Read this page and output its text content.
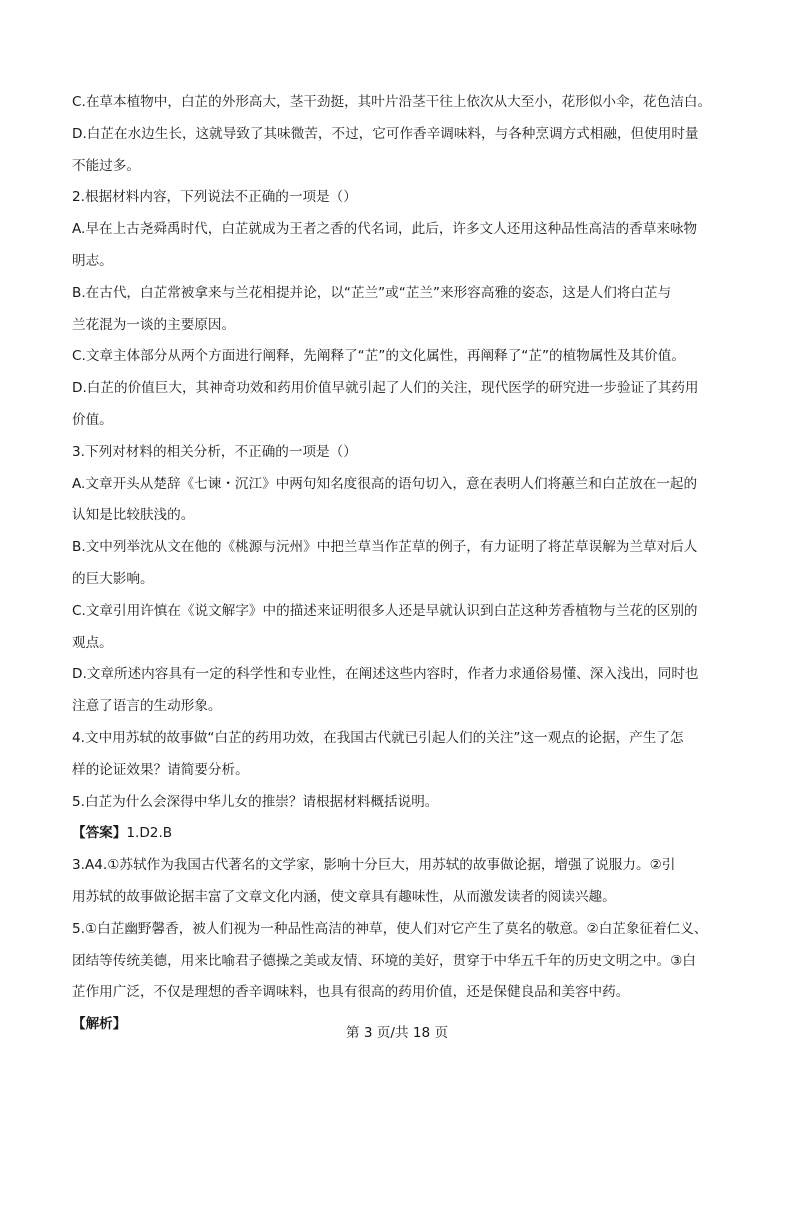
C.在草本植物中，白芷的外形高大，茎干劲挺，其叶片沿茎干往上依次从大至小，花形似小伞，花色洁白。

D.白芷在水边生长，这就导致了其味微苦，不过，它可作香辛调味料，与各种烹调方式相融，但使用时量

不能过多。

2.根据材料内容，下列说法不正确的一项是（）

A.早在上古尧舜禹时代，白芷就成为王者之香的代名词，此后，许多文人还用这种品性高洁的香草来咏物

明志。

B.在古代，白芷常被拿来与兰花相提并论，以“芷兰”或“芷兰”来形容高雅的姿态，这是人们将白芷与

兰花混为一谈的主要原因。

C.文章主体部分从两个方面进行阐释，先阐释了“芷”的文化属性，再阐释了“芷”的植物属性及其价值。

D.白芷的价值巨大，其神奇功效和药用价值早就引起了人们的关注，现代医学的研究进一步验证了其药用

价值。

3.下列对材料的相关分析，不正确的一项是（）

A.文章开头从楚辞《七谏・沉江》中两句知名度很高的语句切入，意在表明人们将蕙兰和白芷放在一起的

认知是比较肤浅的。

B.文中列举沈从文在他的《桃源与沅州》中把兰草当作芷草的例子，有力证明了将芷草误解为兰草对后人

的巨大影响。

C.文章引用许慎在《说文解字》中的描述来证明很多人还是早就认识到白芷这种芳香植物与兰花的区别的

观点。

D.文章所述内容具有一定的科学性和专业性，在阐述这些内容时，作者力求通俗易懂、深入浅出，同时也

注意了语言的生动形象。

4.文中用苏轼的故事做“白芷的药用功效，在我国古代就已引起人们的关注”这一观点的论据，产生了怎

样的论证效果？请简要分析。

5.白芷为什么会深得中华儿女的推崇？请根据材料概括说明。

【答案】1.D2.B

3.A4.①苏轼作为我国古代著名的文学家，影响十分巨大，用苏轼的故事做论据，增强了说服力。②引

用苏轼的故事做论据丰富了文章文化内涵，使文章具有趣味性，从而激发读者的阅读兴趣。

5.①白芷幽野馨香，被人们视为一种品性高洁的神草，使人们对它产生了莫名的敬意。②白芷象征着仁义、

团结等传统美德，用来比喻君子德操之美或友情、环境的美好，贯穿于中华五千年的历史文明之中。③白

芷作用广泛，不仅是理想的香辛调味料，也具有很高的药用价值，还是保健良品和美容中药。

【解析】

第 3 页/共 18 页
